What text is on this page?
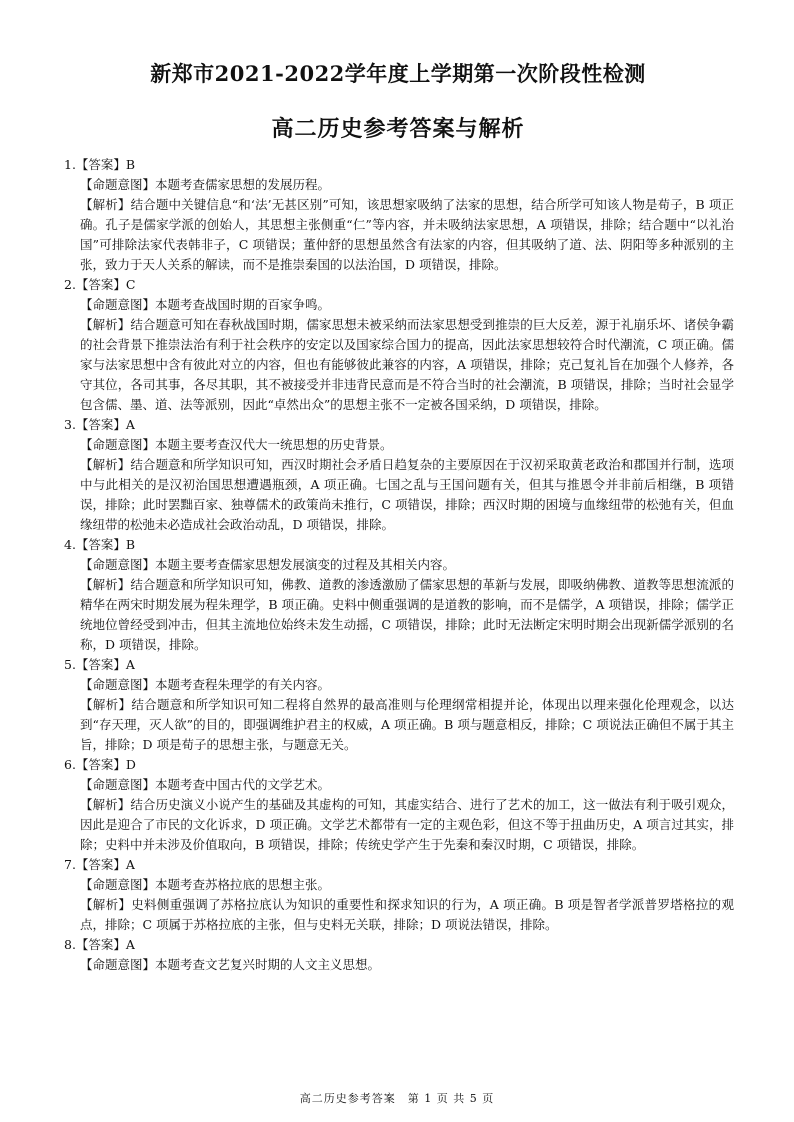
新郑市2021-2022学年度上学期第一次阶段性检测
高二历史参考答案与解析

1.【答案】B

【命题意图】本题考查儒家思想的发展历程。

【解析】结合题中关键信息“和‘法’无甚区别”可知，该思想家吸纳了法家的思想，结合所学可知该人物是荀子，B 项正确。孔子是儒家学派的创始人，其思想主张侧重“仁”等内容，并未吸纳法家思想，A 项错误，排除；结合题中“以礼治国”可排除法家代表韩非子，C 项错误；董仲舒的思想虽然含有法家的内容，但其吸纳了道、法、阴阳等多种派别的主张，致力于天人关系的解读，而不是推崇秦国的以法治国，D 项错误，排除。

2.【答案】C

【命题意图】本题考查战国时期的百家争鸣。

【解析】结合题意可知在春秋战国时期，儒家思想未被采纳而法家思想受到推崇的巨大反差，源于礼崩乐坏、诸侯争霸的社会背景下推崇法治有利于社会秩序的安定以及国家综合国力的提高，因此法家思想较符合时代潮流，C 项正确。儒家与法家思想中含有彼此对立的内容，但也有能够彼此兼容的内容，A 项错误，排除；克己复礼旨在加强个人修养，各守其位，各司其事，各尽其职，其不被接受并非违背民意而是不符合当时的社会潮流，B 项错误，排除；当时社会显学包含儒、墨、道、法等派别，因此“卓然出众”的思想主张不一定被各国采纳，D 项错误，排除。

3.【答案】A

【命题意图】本题主要考查汉代大一统思想的历史背景。

【解析】结合题意和所学知识可知，西汉时期社会矛盾日趋复杂的主要原因在于汉初采取黄老政治和郡国并行制，选项中与此相关的是汉初治国思想遭遇瓶颈，A 项正确。七国之乱与王国问题有关，但其与推恩令并非前后相继，B 项错误，排除；此时罢黜百家、独尊儒术的政策尚未推行，C 项错误，排除；西汉时期的困境与血缘纽带的松弛有关，但血缘纽带的松弛未必造成社会政治动乱，D 项错误，排除。

4.【答案】B

【命题意图】本题主要考查儒家思想发展演变的过程及其相关内容。

【解析】结合题意和所学知识可知，佛教、道教的渗透激励了儒家思想的革新与发展，即吸纳佛教、道教等思想流派的精华在两宋时期发展为程朱理学，B 项正确。史料中侧重强调的是道教的影响，而不是儒学，A 项错误，排除；儒学正统地位曾经受到冲击，但其主流地位始终未发生动摇，C 项错误，排除；此时无法断定宋明时期会出现新儒学派别的名称，D 项错误，排除。

5.【答案】A

【命题意图】本题考查程朱理学的有关内容。

【解析】结合题意和所学知识可知二程将自然界的最高准则与伦理纲常相提并论，体现出以理来强化伦理观念，以达到“存天理，灭人欲”的目的，即强调维护君主的权威，A 项正确。B 项与题意相反，排除；C 项说法正确但不属于其主旨，排除；D 项是荀子的思想主张，与题意无关。

6.【答案】D

【命题意图】本题考查中国古代的文学艺术。

【解析】结合历史演义小说产生的基础及其虚构的可知，其虚实结合、进行了艺术的加工，这一做法有利于吸引观众，因此是迎合了市民的文化诉求，D 项正确。文学艺术都带有一定的主观色彩，但这不等于扭曲历史，A 项言过其实，排除；史料中并未涉及价值取向，B 项错误，排除；传统史学产生于先秦和秦汉时期，C 项错误，排除。

7.【答案】A

【命题意图】本题考查苏格拉底的思想主张。

【解析】史料侧重强调了苏格拉底认为知识的重要性和探求知识的行为，A 项正确。B 项是智者学派普罗塔格拉的观点，排除；C 项属于苏格拉底的主张，但与史料无关联，排除；D 项说法错误，排除。

8.【答案】A

【命题意图】本题考查文艺复兴时期的人文主义思想。

高二历史参考答案　第 1 页 共 5 页
